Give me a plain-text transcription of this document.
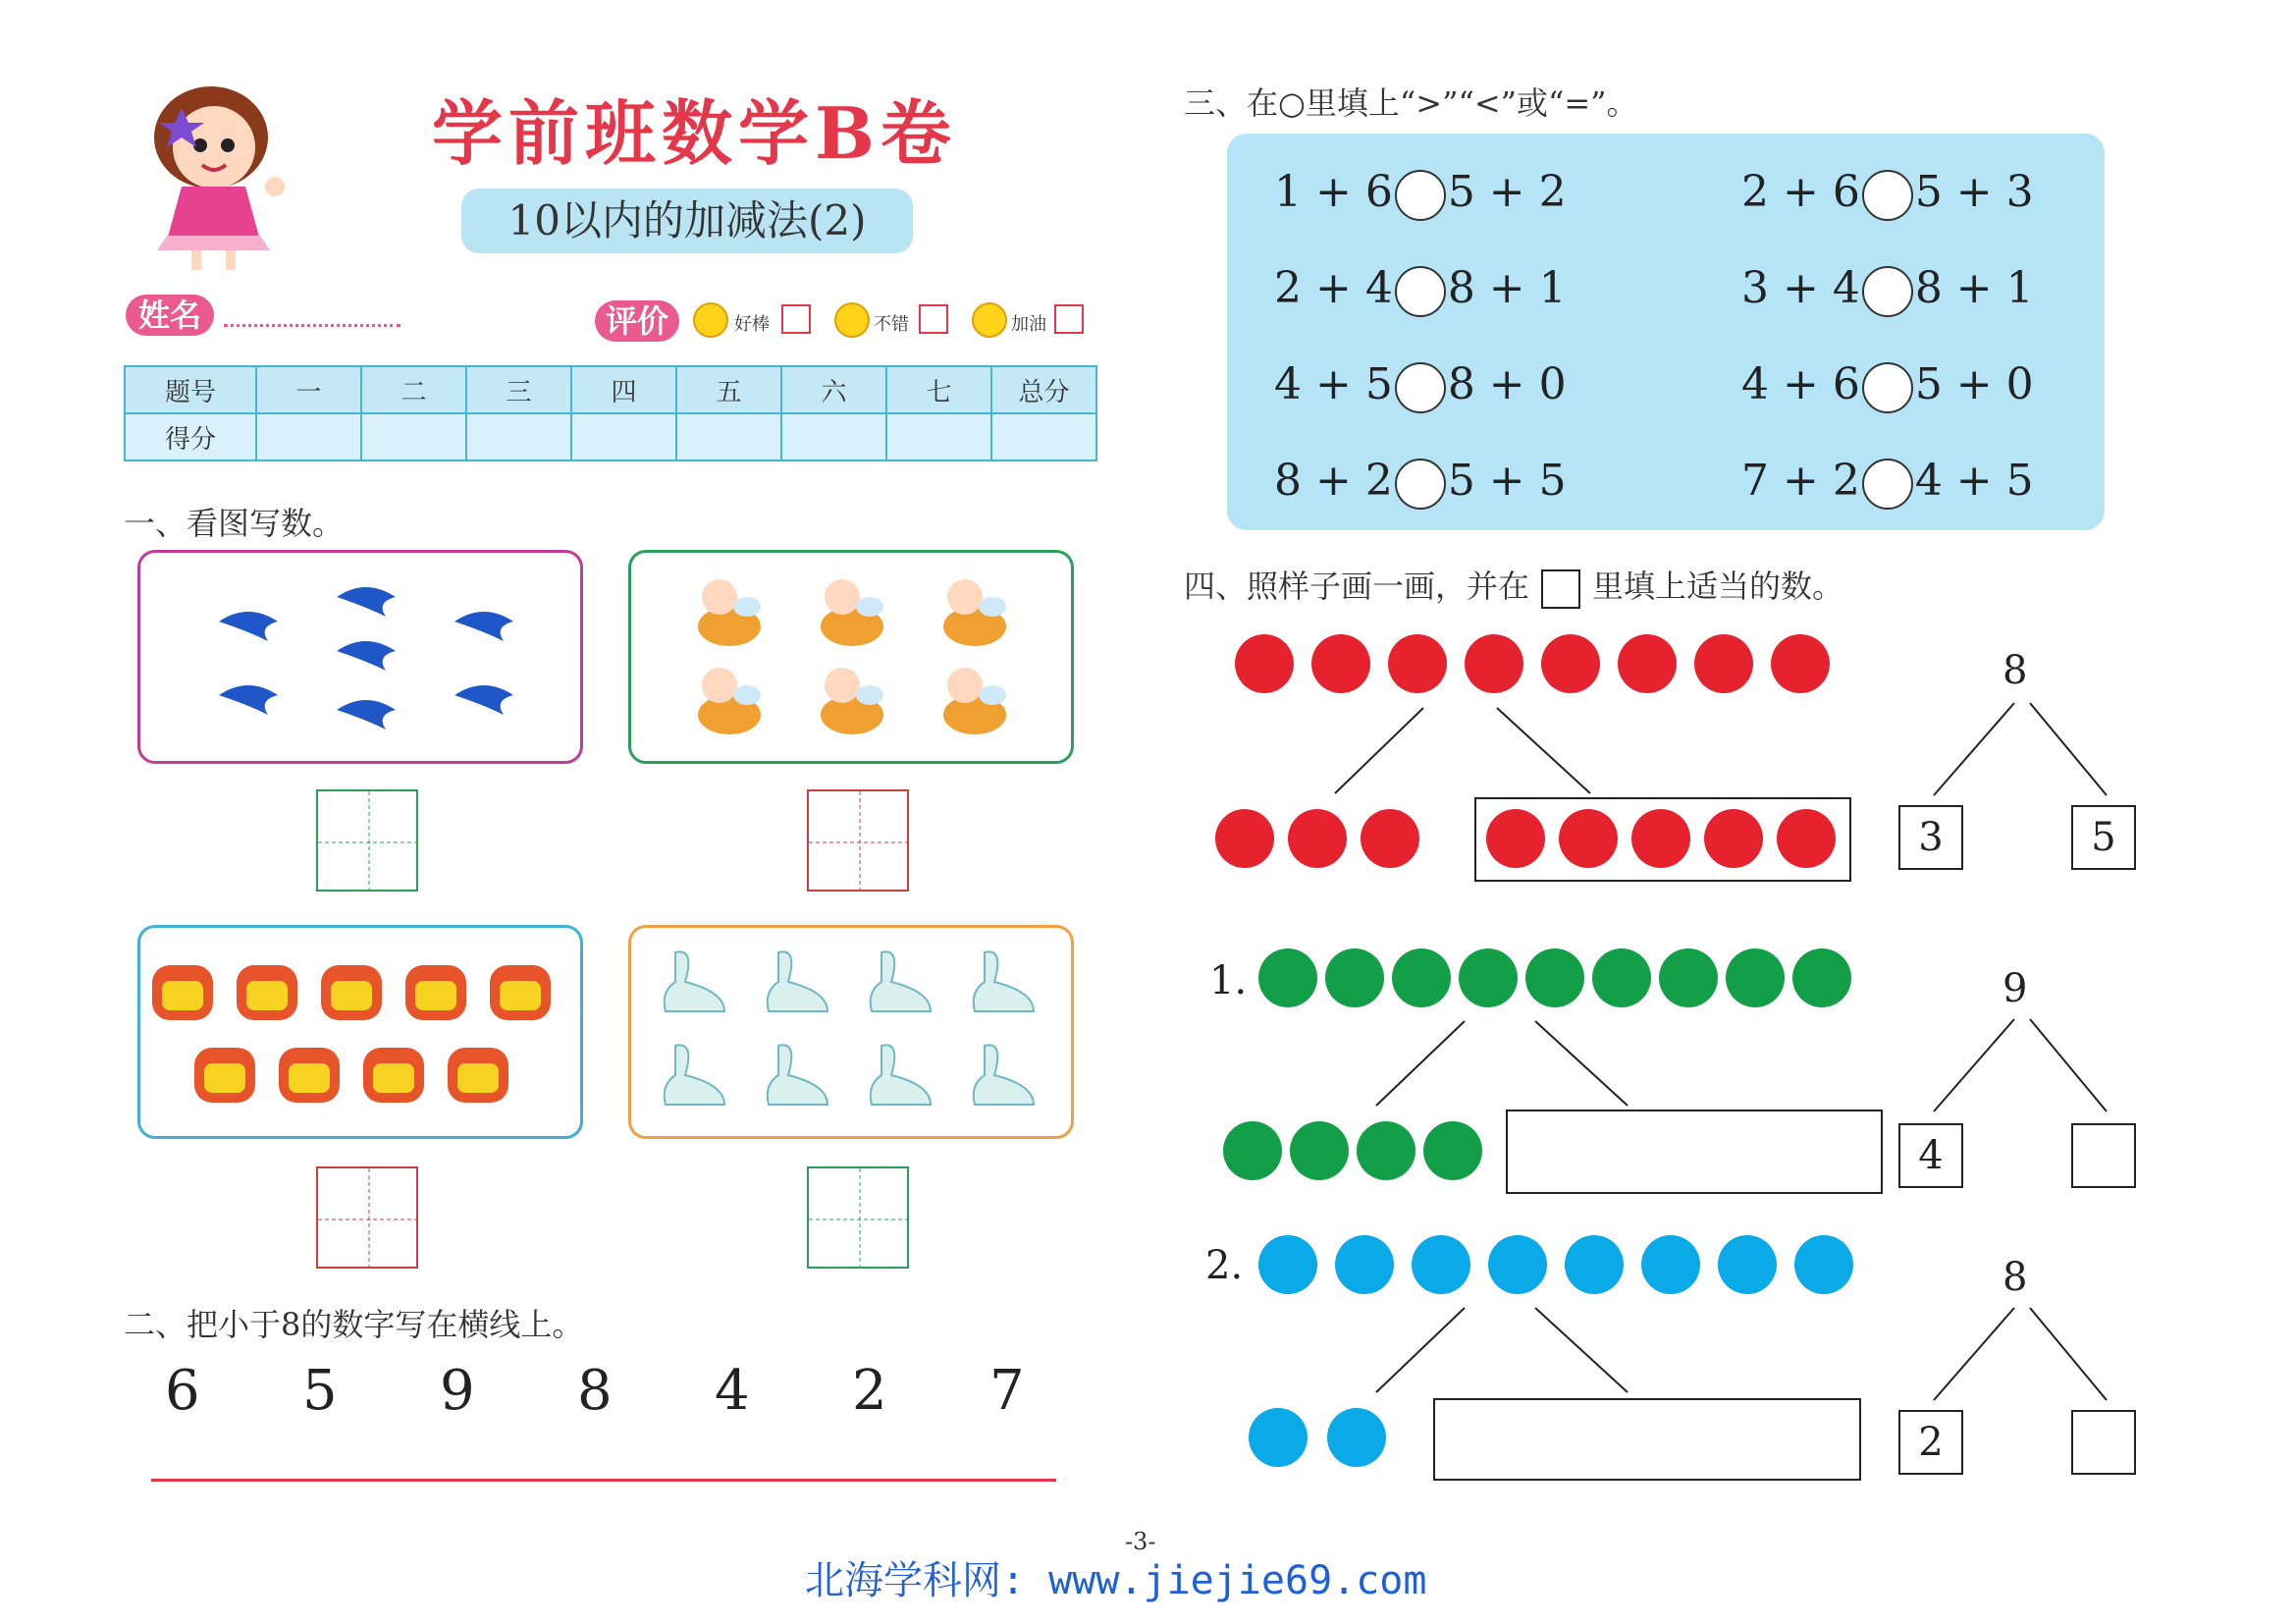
学前班数学B卷
10以内的加减法(2)
姓名	评价	好棒	不错	加油
题号	一	二	三	四	五	六	七	总分
得分								
一、看图写数。
二、把小于8的数字写在横线上。
6 5 9 8 4 2 7
三、在○里填上“>”“<”或“=”。
1 + 6 5 + 2	2 + 6 5 + 3
2 + 4 8 + 1	3 + 4 8 + 1
4 + 5 8 + 0	4 + 6 5 + 0
8 + 2 5 + 5	7 + 2 4 + 5
四、照样子画一画，并在 里填上适当的数。
8
3	5
1.	9
4
2.	8
2
-3-
北海学科网: www.jiejie69.com
